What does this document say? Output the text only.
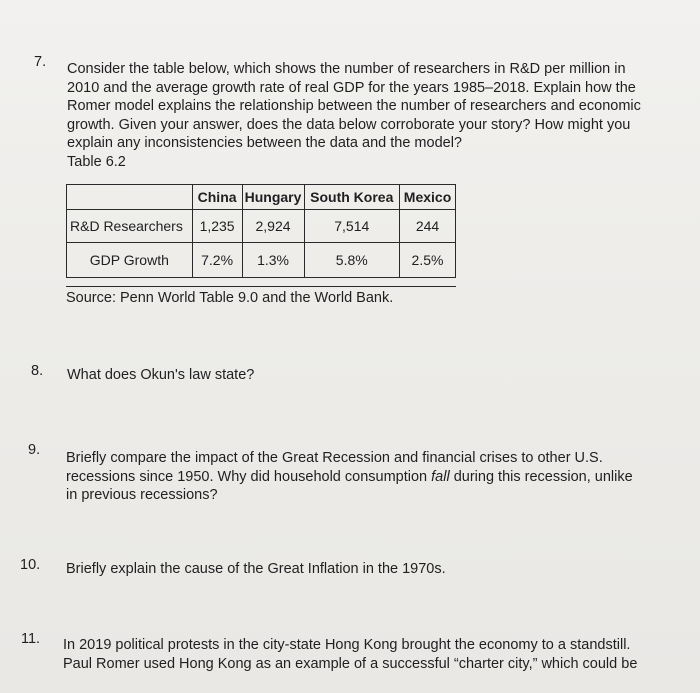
7. Consider the table below, which shows the number of researchers in R&D per million in

2010 and the average growth rate of real GDP for the years 1985–2018. Explain how the

Romer model explains the relationship between the number of researchers and economic

growth. Given your answer, does the data below corroborate your story? How might you

explain any inconsistencies between the data and the model?

Table 6.2

	China	Hungary	South Korea	Mexico
R&D Researchers	1,235	2,924	7,514	244
GDP Growth	7.2%	1.3%	5.8%	2.5%
Source: Penn World Table 9.0 and the World Bank.
8. What does Okun's law state?

9. Briefly compare the impact of the Great Recession and financial crises to other U.S.

recessions since 1950. Why did household consumption fall during this recession, unlike

in previous recessions?

10. Briefly explain the cause of the Great Inflation in the 1970s.

11. In 2019 political protests in the city-state Hong Kong brought the economy to a standstill.

Paul Romer used Hong Kong as an example of a successful “charter city,” which could be
